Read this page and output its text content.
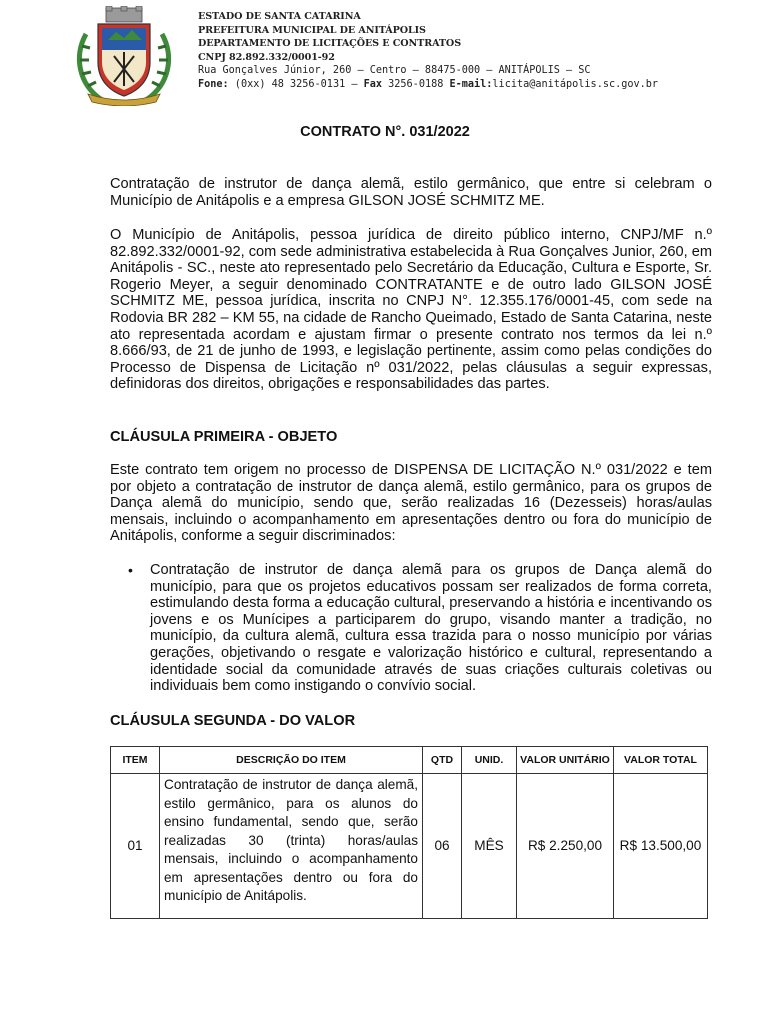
ESTADO DE SANTA CATARINA
PREFEITURA MUNICIPAL DE ANITÁPOLIS
DEPARTAMENTO DE LICITAÇÕES E CONTRATOS
CNPJ 82.892.332/0001-92
Rua Gonçalves Júnior, 260 – Centro – 88475-000 – ANITÁPOLIS – SC
Fone: (0xx) 48 3256-0131 – Fax 3256-0188 E-mail:licita@anitápolis.sc.gov.br
CONTRATO N°. 031/2022

Contratação de instrutor de dança alemã, estilo germânico, que entre si celebram o Município de Anitápolis e a empresa GILSON JOSÉ SCHMITZ ME.

O Município de Anitápolis, pessoa jurídica de direito público interno, CNPJ/MF n.º 82.892.332/0001-92, com sede administrativa estabelecida à Rua Gonçalves Junior, 260, em Anitápolis - SC., neste ato representado pelo Secretário da Educação, Cultura e Esporte, Sr. Rogerio Meyer, a seguir denominado CONTRATANTE e de outro lado GILSON JOSÉ SCHMITZ ME, pessoa jurídica, inscrita no CNPJ N°. 12.355.176/0001-45, com sede na Rodovia BR 282 – KM 55, na cidade de Rancho Queimado, Estado de Santa Catarina, neste ato representada acordam e ajustam firmar o presente contrato nos termos da lei n.º 8.666/93, de 21 de junho de 1993, e legislação pertinente, assim como pelas condições do Processo de Dispensa de Licitação nº 031/2022, pelas cláusulas a seguir expressas, definidoras dos direitos, obrigações e responsabilidades das partes.

CLÁUSULA PRIMEIRA - OBJETO

Este contrato tem origem no processo de DISPENSA DE LICITAÇÃO N.º 031/2022 e tem por objeto a contratação de instrutor de dança alemã, estilo germânico, para os grupos de Dança alemã do município, sendo que, serão realizadas 16 (Dezesseis) horas/aulas mensais, incluindo o acompanhamento em apresentações dentro ou fora do município de Anitápolis, conforme a seguir discriminados:

• Contratação de instrutor de dança alemã para os grupos de Dança alemã do município, para que os projetos educativos possam ser realizados de forma correta, estimulando desta forma a educação cultural, preservando a história e incentivando os jovens e os Munícipes a participarem do grupo, visando manter a tradição, no município, da cultura alemã, cultura essa trazida para o nosso município por várias gerações, objetivando o resgate e valorização histórico e cultural, representando a identidade social da comunidade através de suas criações culturais coletivas ou individuais bem como instigando o convívio social.

CLÁUSULA SEGUNDA - DO VALOR

ITEM	DESCRIÇÃO DO ITEM	QTD	UNID.	VALOR UNITÁRIO	VALOR TOTAL
01	Contratação de instrutor de dança alemã, estilo germânico, para os alunos do ensino fundamental, sendo que, serão realizadas 30 (trinta) horas/aulas mensais, incluindo o acompanhamento em apresentações dentro ou fora do município de Anitápolis.	06	MÊS	R$ 2.250,00	R$ 13.500,00
